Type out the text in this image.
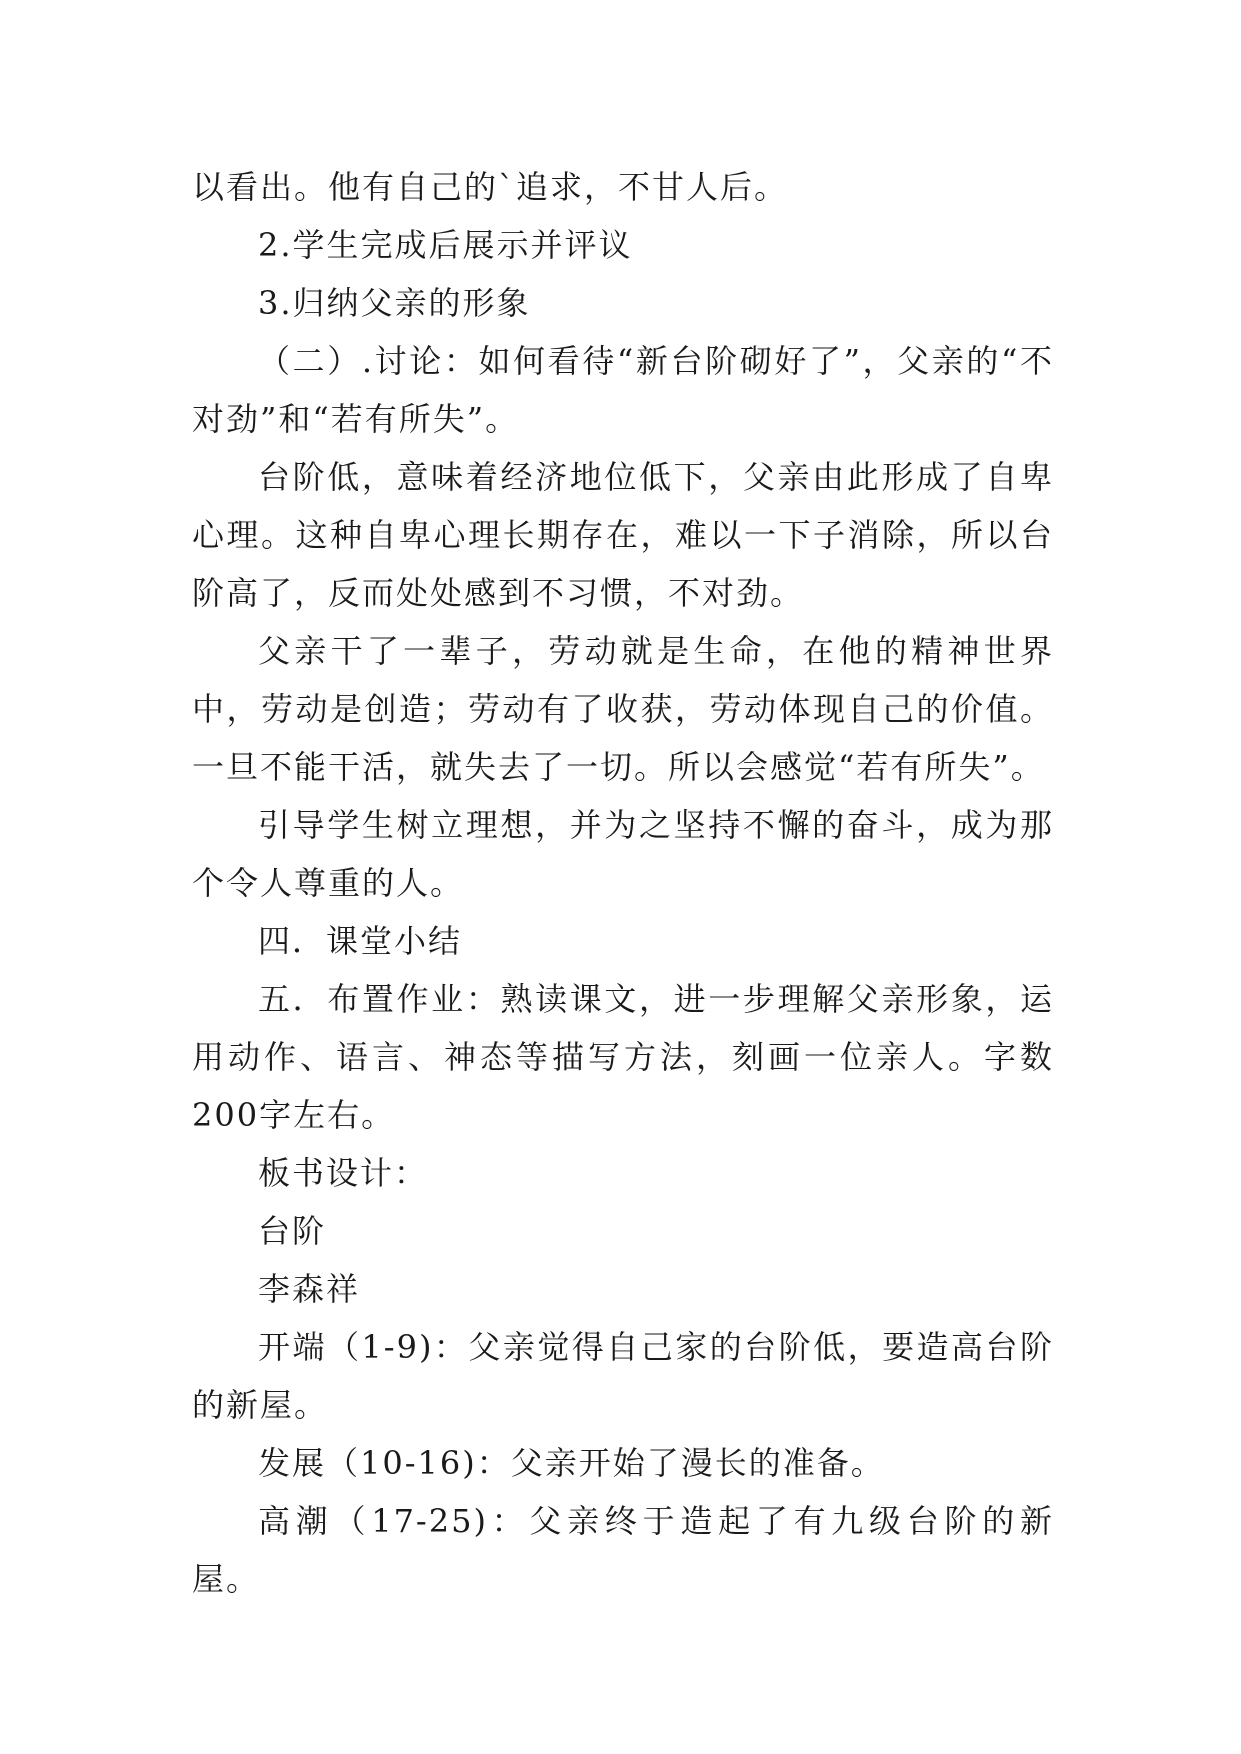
以看出。他有自己的`追求，不甘人后。

2.学生完成后展示并评议

3.归纳父亲的形象

（二）.讨论：如何看待“新台阶砌好了”，父亲的“不对劲”和“若有所失”。

台阶低，意味着经济地位低下，父亲由此形成了自卑心理。这种自卑心理长期存在，难以一下子消除，所以台阶高了，反而处处感到不习惯，不对劲。

父亲干了一辈子，劳动就是生命，在他的精神世界中，劳动是创造；劳动有了收获，劳动体现自己的价值。一旦不能干活，就失去了一切。所以会感觉“若有所失”。

引导学生树立理想，并为之坚持不懈的奋斗，成为那个令人尊重的人。

四．课堂小结

五．布置作业：熟读课文，进一步理解父亲形象，运用动作、语言、神态等描写方法，刻画一位亲人。字数200字左右。

板书设计：

台阶

李森祥

开端（1-9)：父亲觉得自己家的台阶低，要造高台阶的新屋。

发展（10-16)：父亲开始了漫长的准备。

高潮（17-25)：父亲终于造起了有九级台阶的新屋。
